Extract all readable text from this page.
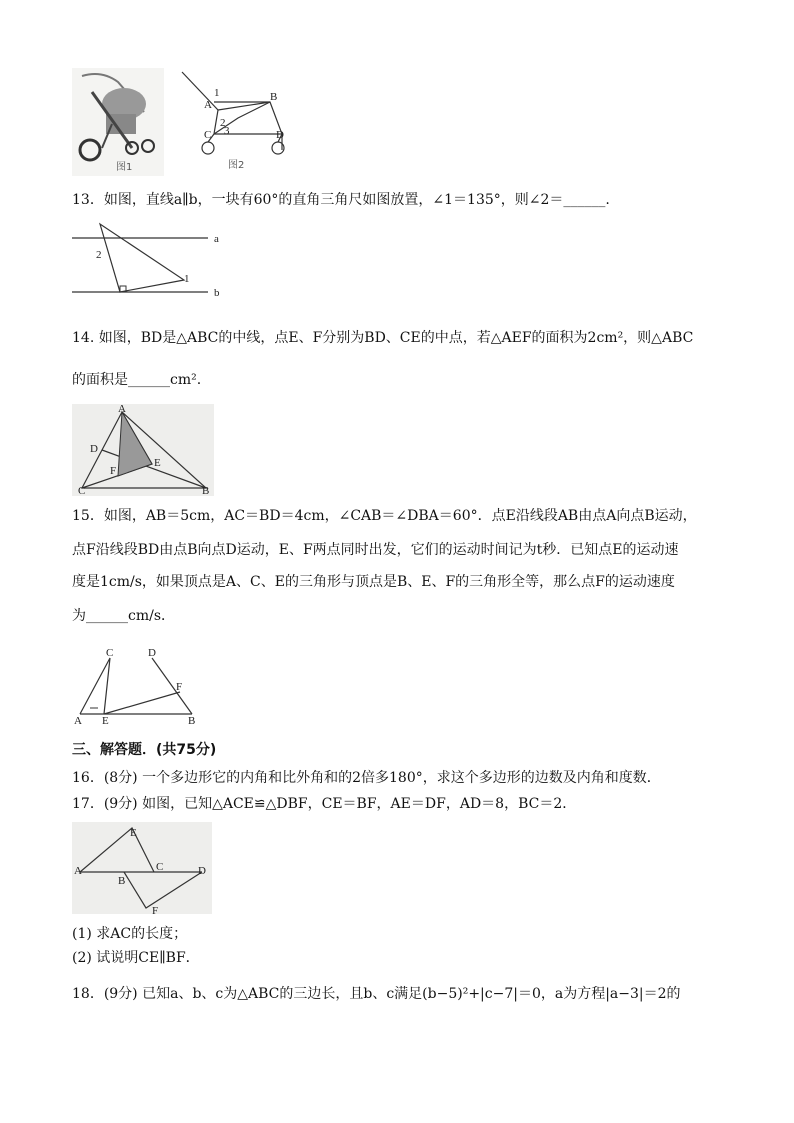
图1
A
1	B
2
C 3	D
图2
13．如图，直线a∥b，一块有60°的直角三角尺如图放置，∠1＝135°，则∠2＝______.
a
2
1
b
14. 如图，BD是△ABC的中线，点E、F分别为BD、CE的中点，若△AEF的面积为2cm²，则△ABC
的面积是______cm².
A
D
E
F
C	B
15．如图，AB＝5cm，AC＝BD＝4cm，∠CAB＝∠DBA＝60°．点E沿线段AB由点A向点B运动，
点F沿线段BD由点B向点D运动，E、F两点同时出发，它们的运动时间记为t秒．已知点E的运动速
度是1cm/s，如果顶点是A、C、E的三角形与顶点是B、E、F的三角形全等，那么点F的运动速度
为______cm/s．
C	D
F
A E	B
三、解答题．(共75分)
16．(8分) 一个多边形它的内角和比外角和的2倍多180°，求这个多边形的边数及内角和度数．
17．(9分) 如图，已知△ACE≌△DBF，CE＝BF，AE＝DF，AD＝8，BC＝2．
E
A
B
C	D
F
(1) 求AC的长度；
(2) 试说明CE∥BF．
18．(9分) 已知a、b、c为△ABC的三边长，且b、c满足(b−5)²+|c−7|＝0，a为方程|a−3|＝2的
